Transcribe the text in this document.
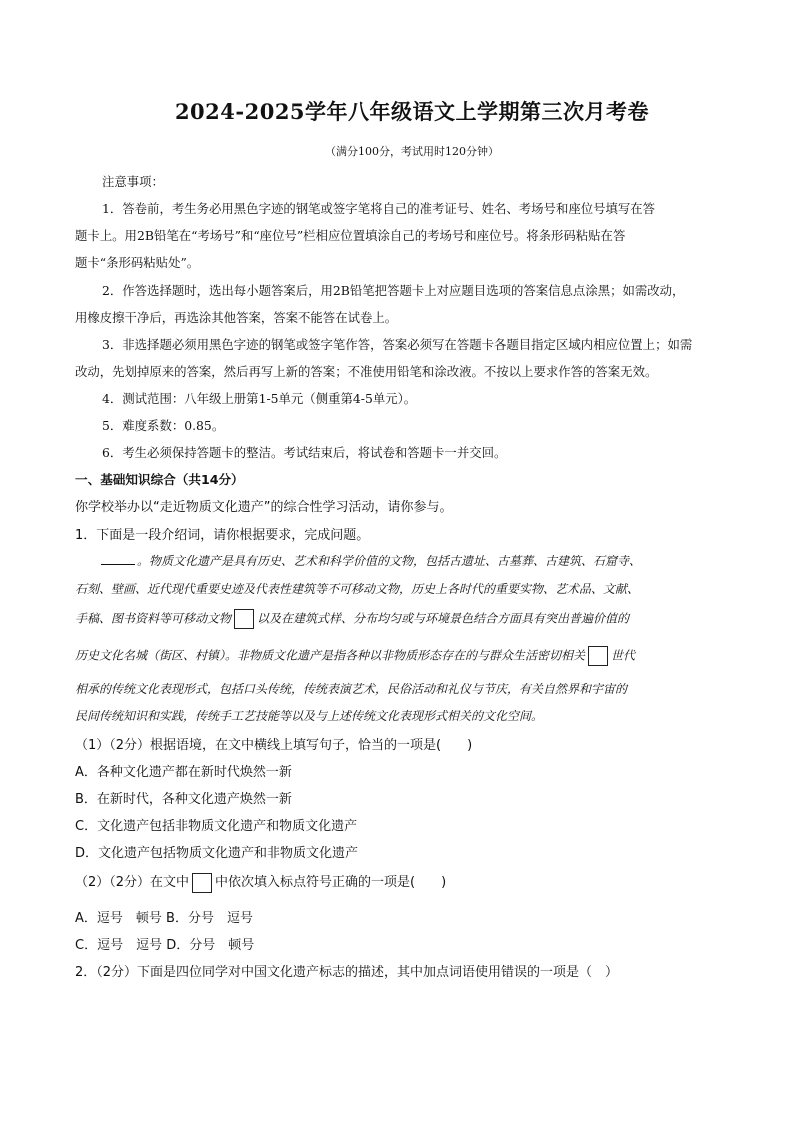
2024-2025学年八年级语文上学期第三次月考卷
（满分100分，考试用时120分钟）
注意事项：
1．答卷前，考生务必用黑色字迹的钢笔或签字笔将自己的准考证号、姓名、考场号和座位号填写在答
题卡上。用2B铅笔在“考场号”和“座位号”栏相应位置填涂自己的考场号和座位号。将条形码粘贴在答
题卡“条形码粘贴处”。
2．作答选择题时，选出每小题答案后，用2B铅笔把答题卡上对应题目选项的答案信息点涂黑；如需改动，
用橡皮擦干净后，再选涂其他答案，答案不能答在试卷上。
3．非选择题必须用黑色字迹的钢笔或签字笔作答，答案必须写在答题卡各题目指定区域内相应位置上；如需
改动，先划掉原来的答案，然后再写上新的答案；不准使用铅笔和涂改液。不按以上要求作答的答案无效。
4．测试范围：八年级上册第1-5单元（侧重第4-5单元）。
5．难度系数：0.85。
6．考生必须保持答题卡的整洁。考试结束后，将试卷和答题卡一并交回。
一、基础知识综合（共14分）
你学校举办以“走近物质文化遗产”的综合性学习活动，请你参与。
1．下面是一段介绍词，请你根据要求，完成问题。
。物质文化遗产是具有历史、艺术和科学价值的文物，包括古遗址、古墓葬、古建筑、石窟寺、
石刻、壁画、近代现代重要史迹及代表性建筑等不可移动文物，历史上各时代的重要实物、艺术品、文献、
手稿、图书资料等可移动文物 以及在建筑式样、分布均匀或与环境景色结合方面具有突出普遍价值的
历史文化名城（街区、村镇）。非物质文化遗产是指各种以非物质形态存在的与群众生活密切相关 世代
相承的传统文化表现形式，包括口头传统，传统表演艺术，民俗活动和礼仪与节庆，有关自然界和宇宙的
民间传统知识和实践，传统手工艺技能等以及与上述传统文化表现形式相关的文化空间。
（1）（2分）根据语境，在文中横线上填写句子，恰当的一项是(　　)
A．各种文化遗产都在新时代焕然一新
B．在新时代，各种文化遗产焕然一新
C．文化遗产包括非物质文化遗产和物质文化遗产
D．文化遗产包括物质文化遗产和非物质文化遗产
（2）（2分）在文中 中依次填入标点符号正确的一项是(　　)
A．逗号　顿号 B．分号　逗号
C．逗号　逗号 D．分号　顿号
2．（2分）下面是四位同学对中国文化遗产标志的描述，其中加点词语使用错误的一项是（　）
